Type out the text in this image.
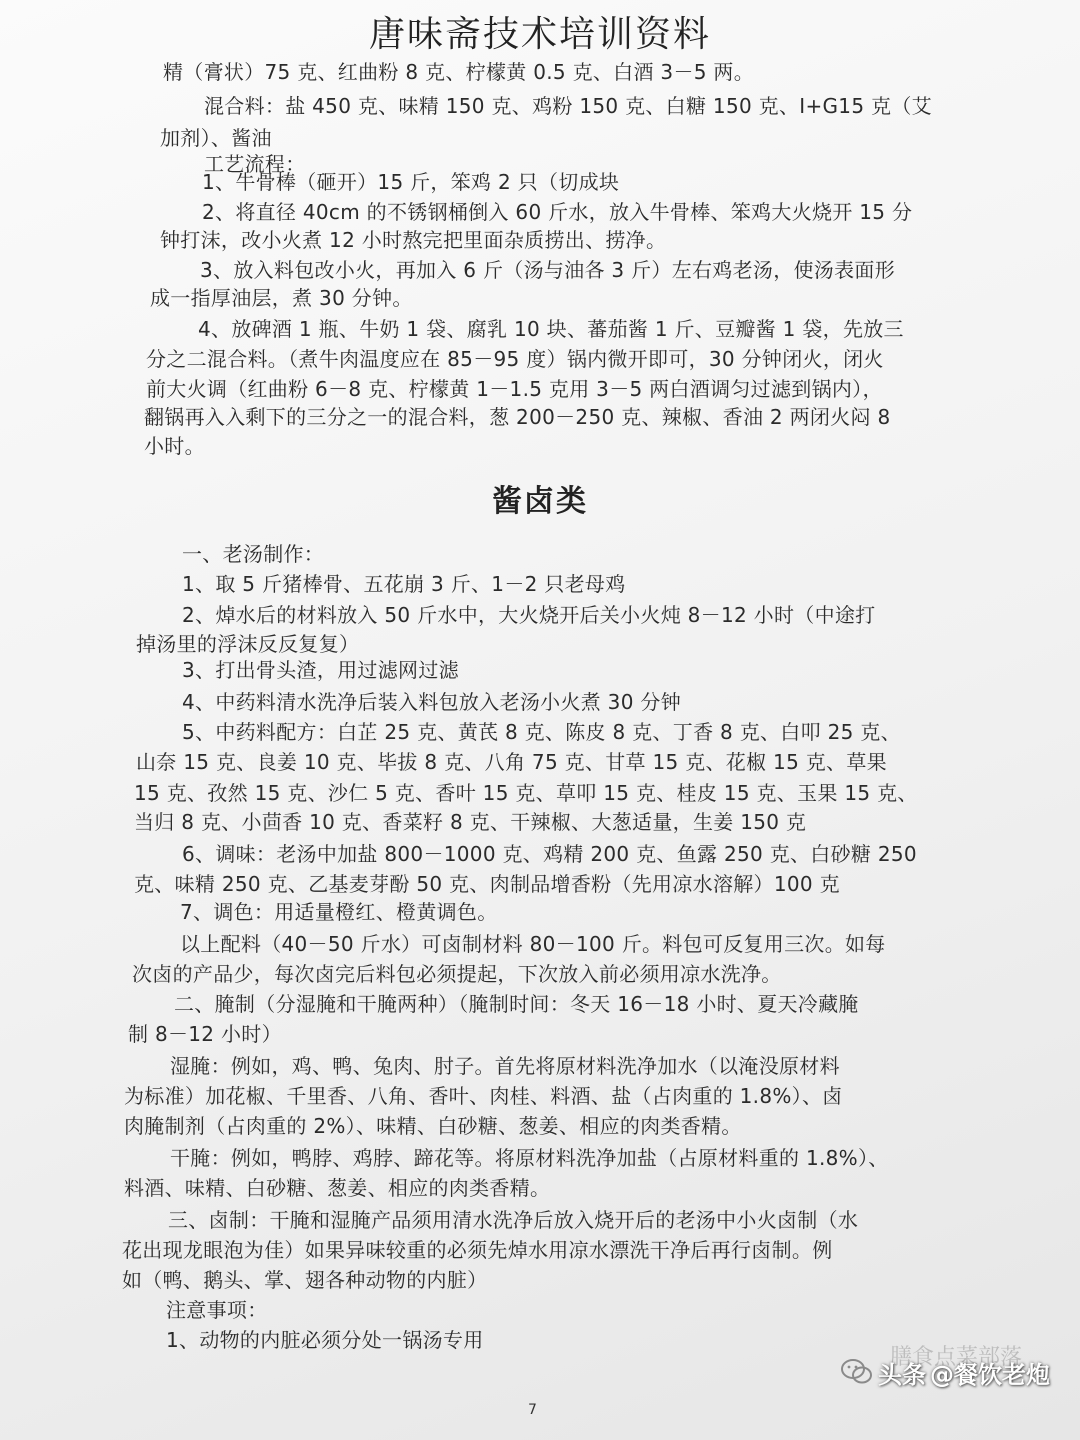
唐味斋技术培训资料
精（膏状）75 克、红曲粉 8 克、柠檬黄 0.5 克、白酒 3－5 两。
混合料：盐 450 克、味精 150 克、鸡粉 150 克、白糖 150 克、I+G15 克（艾
加剂）、酱油
工艺流程：
1、牛骨棒（砸开）15 斤，笨鸡 2 只（切成块
2、将直径 40cm 的不锈钢桶倒入 60 斤水，放入牛骨棒、笨鸡大火烧开 15 分
钟打沫，改小火煮 12 小时熬完把里面杂质捞出、捞净。
3、放入料包改小火，再加入 6 斤（汤与油各 3 斤）左右鸡老汤，使汤表面形
成一指厚油层，煮 30 分钟。
4、放碑酒 1 瓶、牛奶 1 袋、腐乳 10 块、蕃茄酱 1 斤、豆瓣酱 1 袋，先放三
分之二混合料。（煮牛肉温度应在 85－95 度）锅内微开即可，30 分钟闭火，闭火
前大火调（红曲粉 6－8 克、柠檬黄 1－1.5 克用 3－5 两白酒调匀过滤到锅内），
翻锅再入入剩下的三分之一的混合料，葱 200－250 克、辣椒、香油 2 两闭火闷 8
小时。
酱卤类
一、老汤制作：
1、取 5 斤猪棒骨、五花崩 3 斤、1－2 只老母鸡
2、焯水后的材料放入 50 斤水中，大火烧开后关小火炖 8－12 小时（中途打
掉汤里的浮沫反反复复）
3、打出骨头渣，用过滤网过滤
4、中药料清水洗净后装入料包放入老汤小火煮 30 分钟
5、中药料配方：白芷 25 克、黄芪 8 克、陈皮 8 克、丁香 8 克、白叩 25 克、
山奈 15 克、良姜 10 克、毕拔 8 克、八角 75 克、甘草 15 克、花椒 15 克、草果
15 克、孜然 15 克、沙仁 5 克、香叶 15 克、草叩 15 克、桂皮 15 克、玉果 15 克、
当归 8 克、小茴香 10 克、香菜籽 8 克、干辣椒、大葱适量，生姜 150 克
6、调味：老汤中加盐 800－1000 克、鸡精 200 克、鱼露 250 克、白砂糖 250
克、味精 250 克、乙基麦芽酚 50 克、肉制品增香粉（先用凉水溶解）100 克
7、调色：用适量橙红、橙黄调色。
以上配料（40－50 斤水）可卤制材料 80－100 斤。料包可反复用三次。如每
次卤的产品少，每次卤完后料包必须提起，下次放入前必须用凉水洗净。
二、腌制（分湿腌和干腌两种）（腌制时间：冬天 16－18 小时、夏天冷藏腌
制 8－12 小时）
湿腌：例如，鸡、鸭、兔肉、肘子。首先将原材料洗净加水（以淹没原材料
为标准）加花椒、千里香、八角、香叶、肉桂、料酒、盐（占肉重的 1.8%）、卤
肉腌制剂（占肉重的 2%）、味精、白砂糖、葱姜、相应的肉类香精。
干腌：例如，鸭脖、鸡脖、蹄花等。将原材料洗净加盐（占原材料重的 1.8%）、
料酒、味精、白砂糖、葱姜、相应的肉类香精。
三、卤制：干腌和湿腌产品须用清水洗净后放入烧开后的老汤中小火卤制（水
花出现龙眼泡为佳）如果异味较重的必须先焯水用凉水漂洗干净后再行卤制。例
如（鸭、鹅头、掌、翅各种动物的内脏）
注意事项：
1、动物的内脏必须分处一锅汤专用
7
膳食点菜部落
头条 @餐饮老炮
